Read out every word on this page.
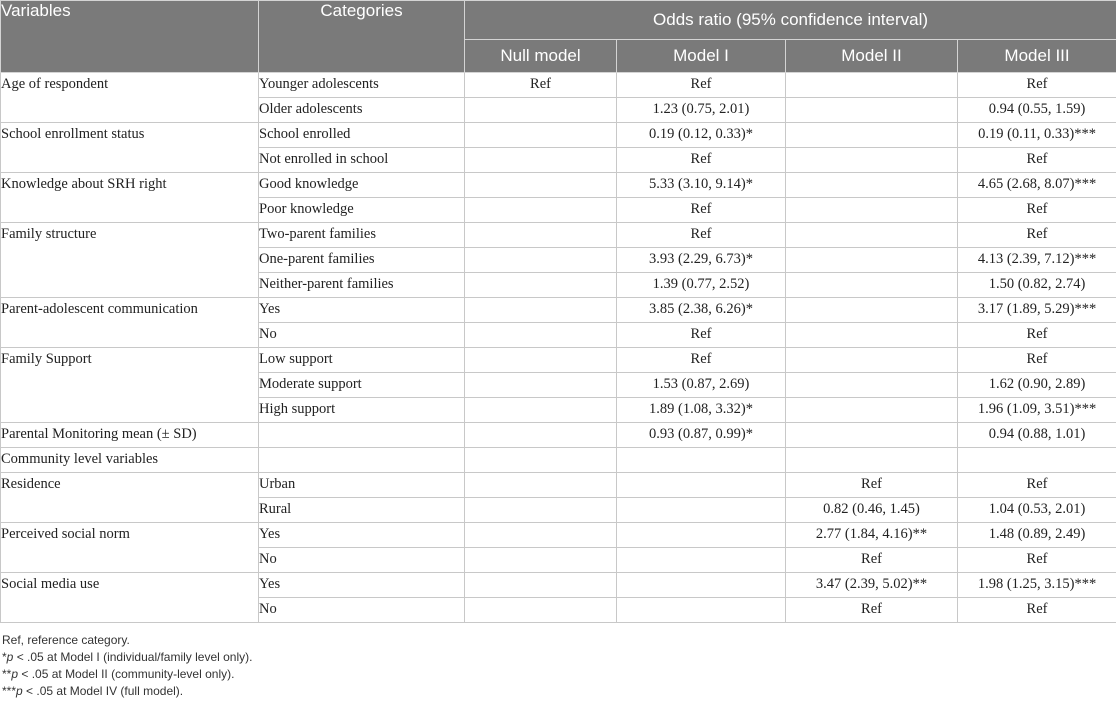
Variables	Categories	Odds ratio (95% confidence interval)			
		Null model	Model I	Model II	Model III
Age of respondent	Younger adolescents	Ref	Ref		Ref
	Older adolescents		1.23 (0.75, 2.01)		0.94 (0.55, 1.59)
School enrollment status	School enrolled		0.19 (0.12, 0.33)*		0.19 (0.11, 0.33)***
	Not enrolled in school		Ref		Ref
Knowledge about SRH right	Good knowledge		5.33 (3.10, 9.14)*		4.65 (2.68, 8.07)***
	Poor knowledge		Ref		Ref
Family structure	Two-parent families		Ref		Ref
	One-parent families		3.93 (2.29, 6.73)*		4.13 (2.39, 7.12)***
	Neither-parent families		1.39 (0.77, 2.52)		1.50 (0.82, 2.74)
Parent-adolescent communication	Yes		3.85 (2.38, 6.26)*		3.17 (1.89, 5.29)***
	No		Ref		Ref
Family Support	Low support		Ref		Ref
	Moderate support		1.53 (0.87, 2.69)		1.62 (0.90, 2.89)
	High support		1.89 (1.08, 3.32)*		1.96 (1.09, 3.51)***
Parental Monitoring mean (± SD)			0.93 (0.87, 0.99)*		0.94 (0.88, 1.01)
Community level variables					
Residence	Urban			Ref	Ref
	Rural			0.82 (0.46, 1.45)	1.04 (0.53, 2.01)
Perceived social norm	Yes			2.77 (1.84, 4.16)**	1.48 (0.89, 2.49)
	No			Ref	Ref
Social media use	Yes			3.47 (2.39, 5.02)**	1.98 (1.25, 3.15)***
	No			Ref	Ref
Ref, reference category.
*p < .05 at Model I (individual/family level only).
**p < .05 at Model II (community-level only).
***p < .05 at Model IV (full model).
